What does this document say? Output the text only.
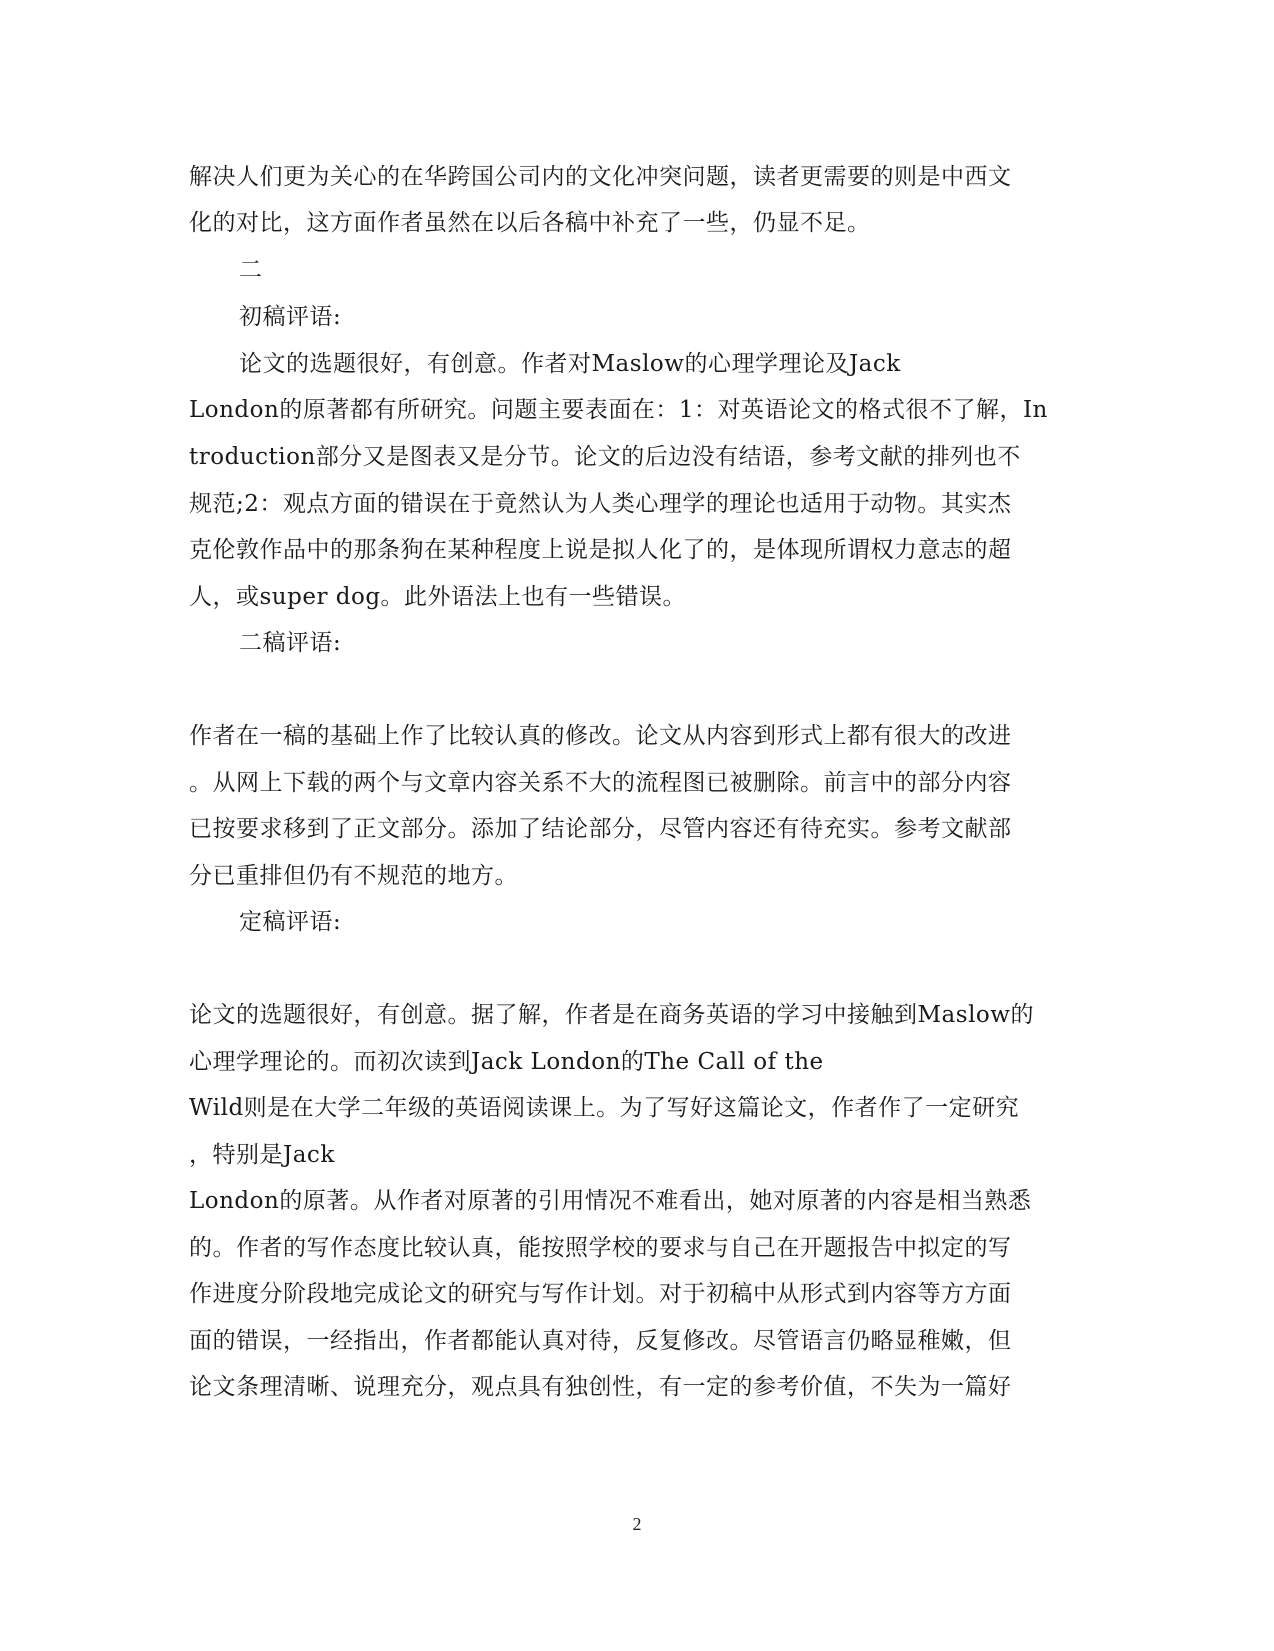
解决人们更为关心的在华跨国公司内的文化冲突问题，读者更需要的则是中西文
化的对比，这方面作者虽然在以后各稿中补充了一些，仍显不足。
二
初稿评语:
论文的选题很好，有创意。作者对Maslow的心理学理论及Jack
London的原著都有所研究。问题主要表面在：1：对英语论文的格式很不了解，In
troduction部分又是图表又是分节。论文的后边没有结语，参考文献的排列也不
规范;2：观点方面的错误在于竟然认为人类心理学的理论也适用于动物。其实杰
克伦敦作品中的那条狗在某种程度上说是拟人化了的，是体现所谓权力意志的超
人，或super dog。此外语法上也有一些错误。
二稿评语:
作者在一稿的基础上作了比较认真的修改。论文从内容到形式上都有很大的改进
。从网上下载的两个与文章内容关系不大的流程图已被删除。前言中的部分内容
已按要求移到了正文部分。添加了结论部分，尽管内容还有待充实。参考文献部
分已重排但仍有不规范的地方。
定稿评语:
论文的选题很好，有创意。据了解，作者是在商务英语的学习中接触到Maslow的
心理学理论的。而初次读到Jack London的The Call of the
Wild则是在大学二年级的英语阅读课上。为了写好这篇论文，作者作了一定研究
，特别是Jack
London的原著。从作者对原著的引用情况不难看出，她对原著的内容是相当熟悉
的。作者的写作态度比较认真，能按照学校的要求与自己在开题报告中拟定的写
作进度分阶段地完成论文的研究与写作计划。对于初稿中从形式到内容等方方面
面的错误，一经指出，作者都能认真对待，反复修改。尽管语言仍略显稚嫩，但
论文条理清晰、说理充分，观点具有独创性，有一定的参考价值，不失为一篇好
2
